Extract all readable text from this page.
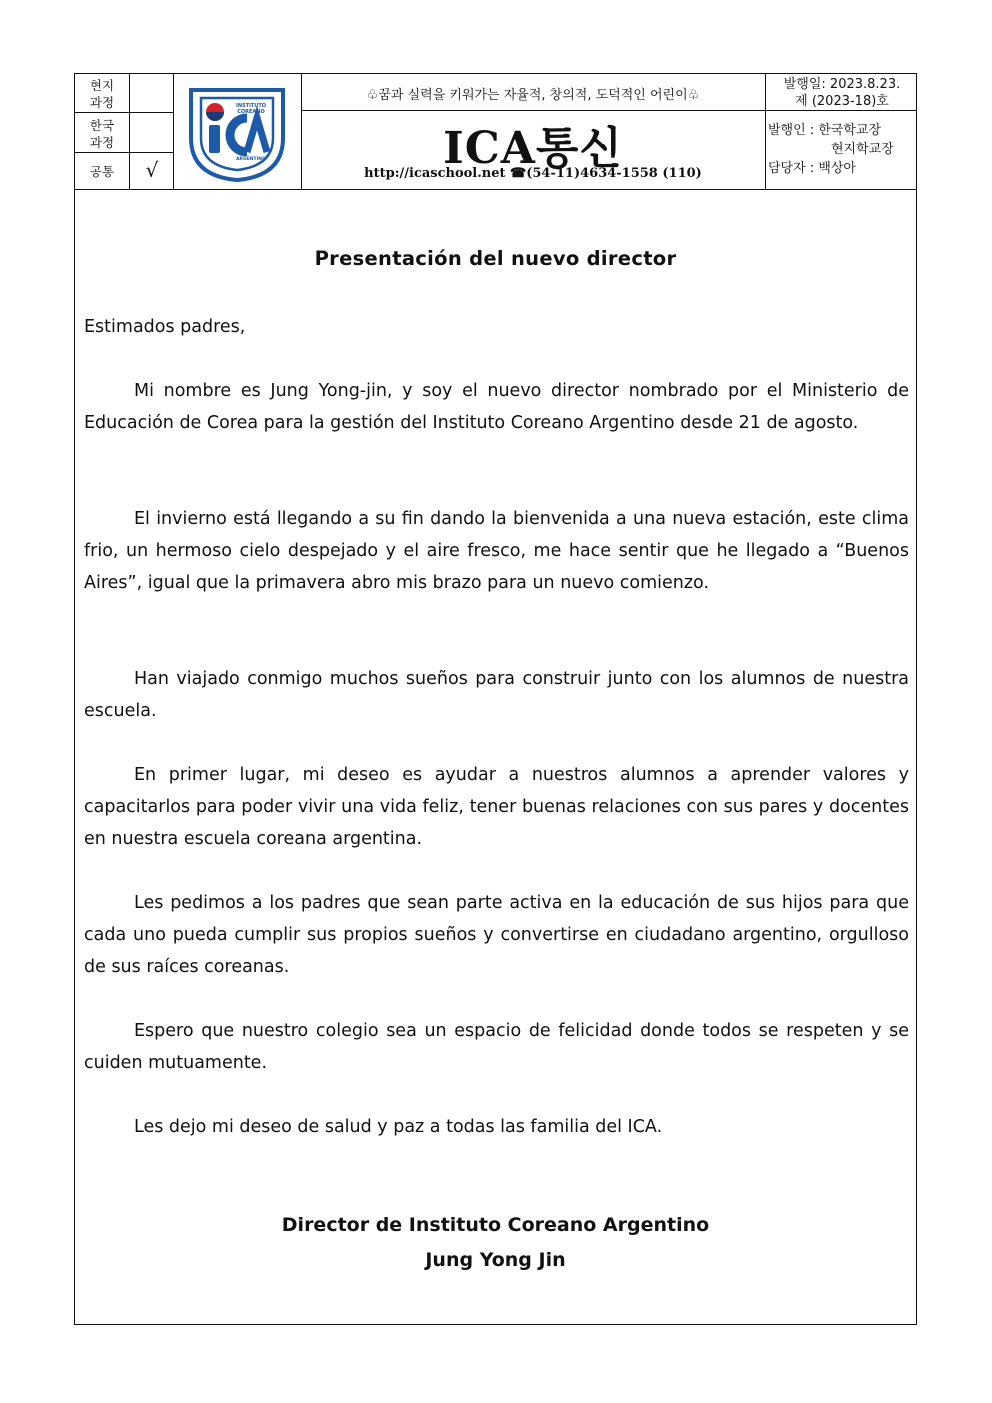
현지
과정
한국
과정
공통	√
INSTITUTO
COREANO
ARGENTINO
♧꿈과 실력을 키워가는 자율적, 창의적, 도덕적인 어린이♧
ICA통신
http://icaschool.net ☎(54-11)4634-1558 (110)
발행일: 2023.8.23.
제 (2023-18)호
발행인 : 한국학교장
현지학교장
담당자 : 백상아
Presentación del nuevo director
Estimados padres,
Mi nombre es Jung Yong-jin, y soy el nuevo director nombrado por el Ministerio de Educación de Corea para la gestión del Instituto Coreano Argentino desde 21 de agosto.
El invierno está llegando a su fin dando la bienvenida a una nueva estación, este clima frio, un hermoso cielo despejado y el aire fresco, me hace sentir que he llegado a “Buenos Aires”, igual que la primavera abro mis brazo para un nuevo comienzo.
Han viajado conmigo muchos sueños para construir junto con los alumnos de nuestra escuela.
En primer lugar, mi deseo es ayudar a nuestros alumnos a aprender valores y capacitarlos para poder vivir una vida feliz, tener buenas relaciones con sus pares y docentes en nuestra escuela coreana argentina.
Les pedimos a los padres que sean parte activa en la educación de sus hijos para que cada uno pueda cumplir sus propios sueños y convertirse en ciudadano argentino, orgulloso de sus raíces coreanas.
Espero que nuestro colegio sea un espacio de felicidad donde todos se respeten y se cuiden mutuamente.
Les dejo mi deseo de salud y paz a todas las familia del ICA.
Director de Instituto Coreano Argentino
Jung Yong Jin
